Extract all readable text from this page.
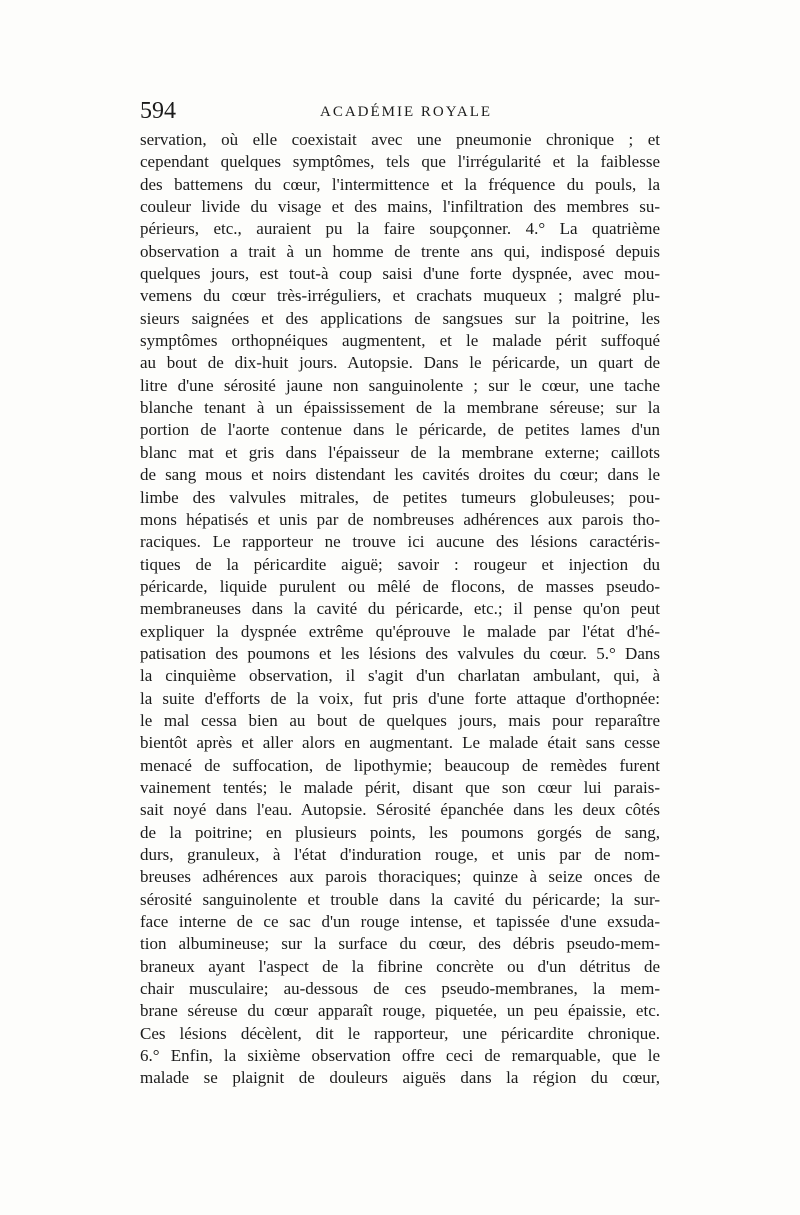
594	ACADÉMIE ROYALE
servation, où elle coexistait avec une pneumonie chronique ; et
cependant quelques symptômes, tels que l'irrégularité et la faiblesse
des battemens du cœur, l'intermittence et la fréquence du pouls, la
couleur livide du visage et des mains, l'infiltration des membres su-
périeurs, etc., auraient pu la faire soupçonner. 4.° La quatrième
observation a trait à un homme de trente ans qui, indisposé depuis
quelques jours, est tout-à coup saisi d'une forte dyspnée, avec mou-
vemens du cœur très-irréguliers, et crachats muqueux ; malgré plu-
sieurs saignées et des applications de sangsues sur la poitrine, les
symptômes orthopnéiques augmentent, et le malade périt suffoqué
au bout de dix-huit jours. Autopsie. Dans le péricarde, un quart de
litre d'une sérosité jaune non sanguinolente ; sur le cœur, une tache
blanche tenant à un épaississement de la membrane séreuse; sur la
portion de l'aorte contenue dans le péricarde, de petites lames d'un
blanc mat et gris dans l'épaisseur de la membrane externe; caillots
de sang mous et noirs distendant les cavités droites du cœur; dans le
limbe des valvules mitrales, de petites tumeurs globuleuses; pou-
mons hépatisés et unis par de nombreuses adhérences aux parois tho-
raciques. Le rapporteur ne trouve ici aucune des lésions caractéris-
tiques de la péricardite aiguë; savoir : rougeur et injection du
péricarde, liquide purulent ou mêlé de flocons, de masses pseudo-
membraneuses dans la cavité du péricarde, etc.; il pense qu'on peut
expliquer la dyspnée extrême qu'éprouve le malade par l'état d'hé-
patisation des poumons et les lésions des valvules du cœur. 5.° Dans
la cinquième observation, il s'agit d'un charlatan ambulant, qui, à
la suite d'efforts de la voix, fut pris d'une forte attaque d'orthopnée:
le mal cessa bien au bout de quelques jours, mais pour reparaître
bientôt après et aller alors en augmentant. Le malade était sans cesse
menacé de suffocation, de lipothymie; beaucoup de remèdes furent
vainement tentés; le malade périt, disant que son cœur lui parais-
sait noyé dans l'eau. Autopsie. Sérosité épanchée dans les deux côtés
de la poitrine; en plusieurs points, les poumons gorgés de sang,
durs, granuleux, à l'état d'induration rouge, et unis par de nom-
breuses adhérences aux parois thoraciques; quinze à seize onces de
sérosité sanguinolente et trouble dans la cavité du péricarde; la sur-
face interne de ce sac d'un rouge intense, et tapissée d'une exsuda-
tion albumineuse; sur la surface du cœur, des débris pseudo-mem-
braneux ayant l'aspect de la fibrine concrète ou d'un détritus de
chair musculaire; au-dessous de ces pseudo-membranes, la mem-
brane séreuse du cœur apparaît rouge, piquetée, un peu épaissie, etc.
Ces lésions décèlent, dit le rapporteur, une péricardite chronique.
6.° Enfin, la sixième observation offre ceci de remarquable, que le
malade se plaignit de douleurs aiguës dans la région du cœur,
